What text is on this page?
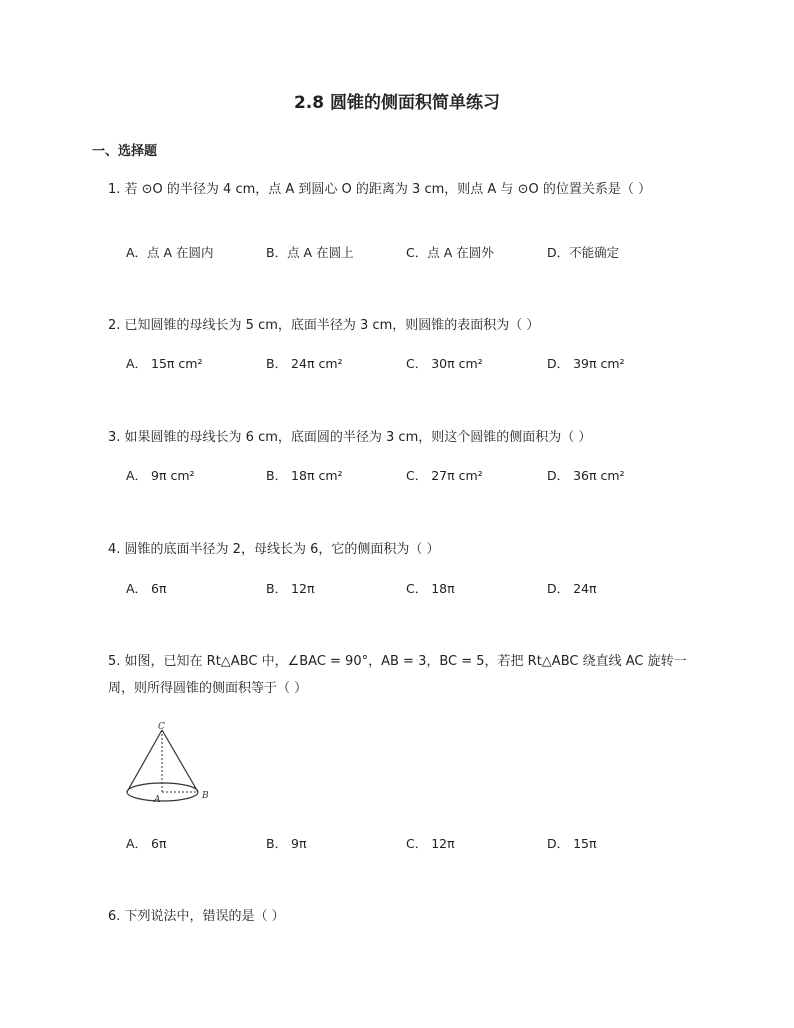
2.8 圆锥的侧面积简单练习
一、选择题
1. 若 ⊙O 的半径为 4 cm，点 A 到圆心 O 的距离为 3 cm，则点 A 与 ⊙O 的位置关系是（ ）
A．点 A 在圆内	B．点 A 在圆上	C．点 A 在圆外	D．不能确定
2. 已知圆锥的母线长为 5 cm，底面半径为 3 cm，则圆锥的表面积为（ ）
A． 15π cm²	B． 24π cm²	C． 30π cm²	D． 39π cm²
3. 如果圆锥的母线长为 6 cm，底面圆的半径为 3 cm，则这个圆锥的侧面积为（ ）
A． 9π cm²	B． 18π cm²	C． 27π cm²	D． 36π cm²
4. 圆锥的底面半径为 2，母线长为 6，它的侧面积为（ ）
A． 6π	B． 12π	C． 18π	D． 24π
5. 如图，已知在 Rt△ABC 中，∠BAC = 90°，AB = 3，BC = 5，若把 Rt△ABC 绕直线 AC 旋转一周，则所得圆锥的侧面积等于（ ）
C
A	B
A． 6π	B． 9π	C． 12π	D． 15π
6. 下列说法中，错误的是（ ）
